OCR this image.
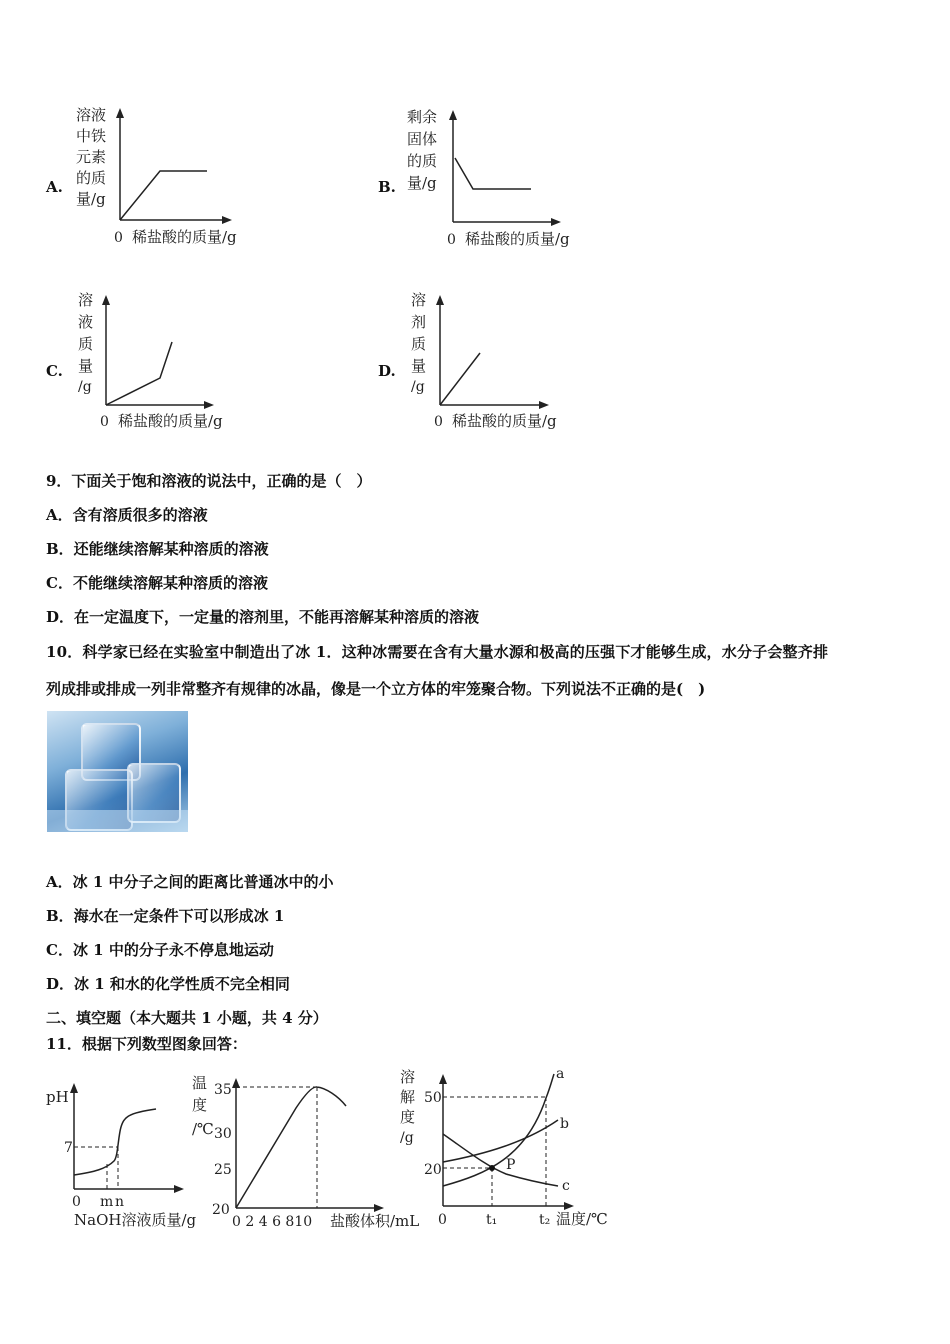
A.
溶液
中铁
元素
的质
量/g
0 稀盐酸的质量/g
B.
剩余
固体
的质
量/g
0 稀盐酸的质量/g
C.
溶
液
质
量
/g
0 稀盐酸的质量/g
D.
溶
剂
质
量
/g
0 稀盐酸的质量/g
9．下面关于饱和溶液的说法中，正确的是（　）
A．含有溶质很多的溶液
B．还能继续溶解某种溶质的溶液
C．不能继续溶解某种溶质的溶液
D．在一定温度下，一定量的溶剂里，不能再溶解某种溶质的溶液
10．科学家已经在实验室中制造出了冰 1．这种冰需要在含有大量水源和极高的压强下才能够生成，水分子会整齐排
列成排或排成一列非常整齐有规律的冰晶，像是一个立方体的牢笼聚合物。下列说法不正确的是(　)
A．冰 1 中分子之间的距离比普通冰中的小
B．海水在一定条件下可以形成冰 1
C．冰 1 中的分子永不停息地运动
D．冰 1 和水的化学性质不完全相同
二、填空题（本大题共 1 小题，共 4 分）
11．根据下列数型图象回答：
pH
7
0 m n
NaOH溶液质量/g
温
度
/℃
35
30
25
20
0 2 4 6 810 盐酸体积/mL
溶
解
度
/g
P
a
b
c
50
20
0	t₁	t₂ 温度/℃
